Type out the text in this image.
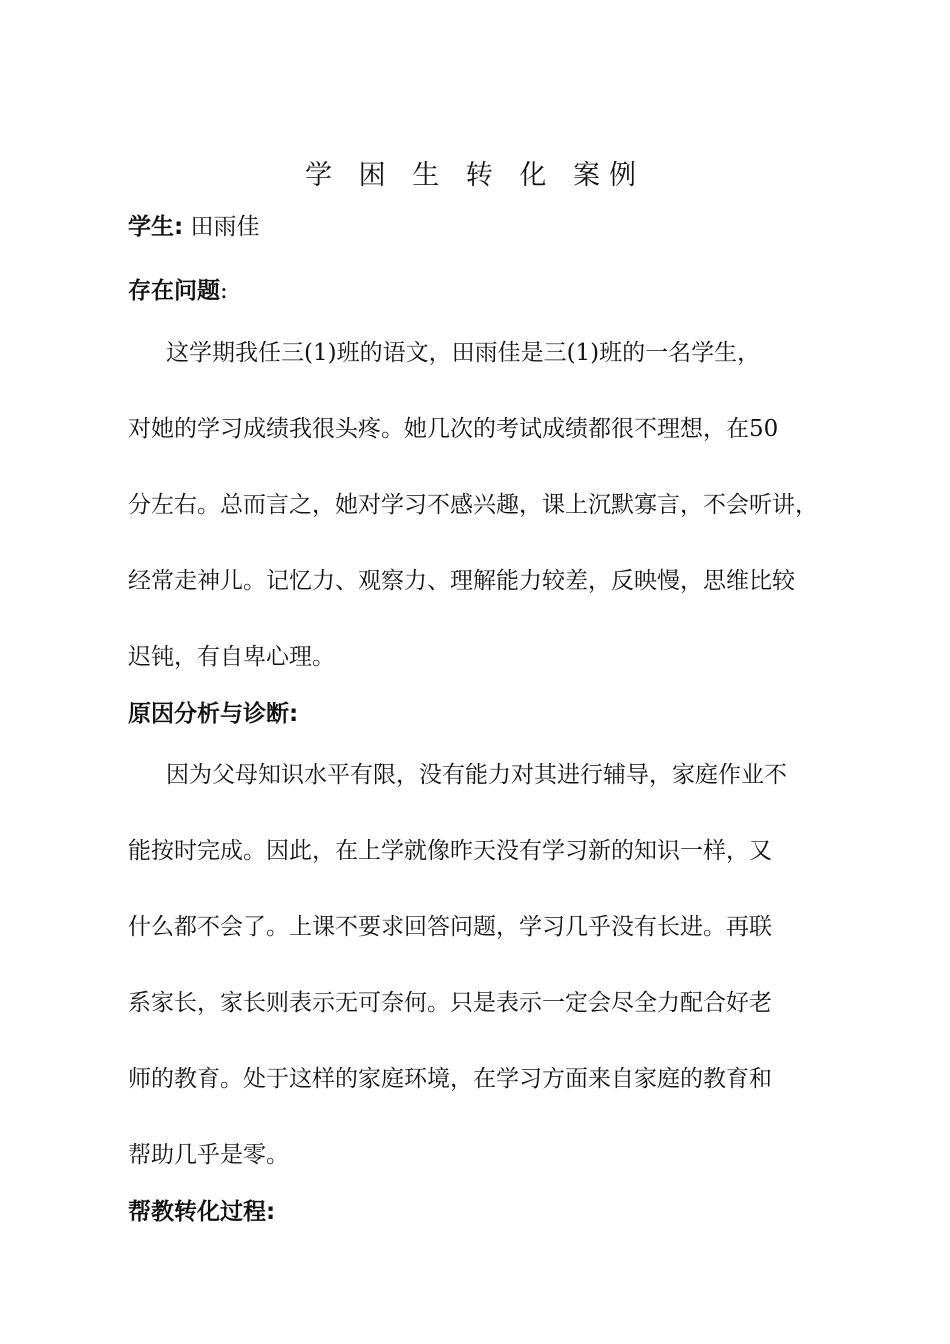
学 困 生 转 化 案例
学生: 田雨佳
存在问题:
这学期我任三(1)班的语文，田雨佳是三(1)班的一名学生，
对她的学习成绩我很头疼。她几次的考试成绩都很不理想，在50
分左右。总而言之，她对学习不感兴趣，课上沉默寡言，不会听讲，
经常走神儿。记忆力、观察力、理解能力较差，反映慢，思维比较
迟钝，有自卑心理。
原因分析与诊断:
因为父母知识水平有限，没有能力对其进行辅导，家庭作业不
能按时完成。因此，在上学就像昨天没有学习新的知识一样，又
什么都不会了。上课不要求回答问题，学习几乎没有长进。再联
系家长，家长则表示无可奈何。只是表示一定会尽全力配合好老
师的教育。处于这样的家庭环境，在学习方面来自家庭的教育和
帮助几乎是零。
帮教转化过程:
